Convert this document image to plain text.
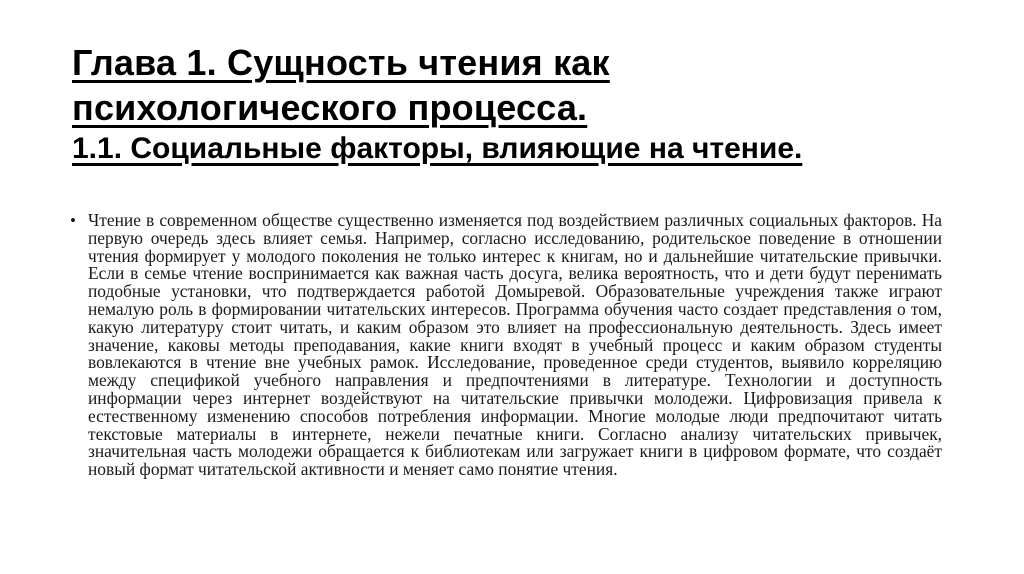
Глава 1. Сущность чтения как
психологического процесса.

1.1. Социальные факторы, влияющие на чтение.

• Чтение в современном обществе существенно изменяется под воздействием различных социальных факторов. На первую очередь здесь влияет семья. Например, согласно исследованию, родительское поведение в отношении чтения формирует у молодого поколения не только интерес к книгам, но и дальнейшие читательские привычки. Если в семье чтение воспринимается как важная часть досуга, велика вероятность, что и дети будут перенимать подобные установки, что подтверждается работой Домыревой. Образовательные учреждения также играют немалую роль в формировании читательских интересов. Программа обучения часто создает представления о том, какую литературу стоит читать, и каким образом это влияет на профессиональную деятельность. Здесь имеет значение, каковы методы преподавания, какие книги входят в учебный процесс и каким образом студенты вовлекаются в чтение вне учебных рамок. Исследование, проведенное среди студентов, выявило корреляцию между спецификой учебного направления и предпочтениями в литературе. Технологии и доступность информации через интернет воздействуют на читательские привычки молодежи. Цифровизация привела к естественному изменению способов потребления информации. Многие молодые люди предпочитают читать текстовые материалы в интернете, нежели печатные книги. Согласно анализу читательских привычек, значительная часть молодежи обращается к библиотекам или загружает книги в цифровом формате, что создаёт новый формат читательской активности и меняет само понятие чтения.
